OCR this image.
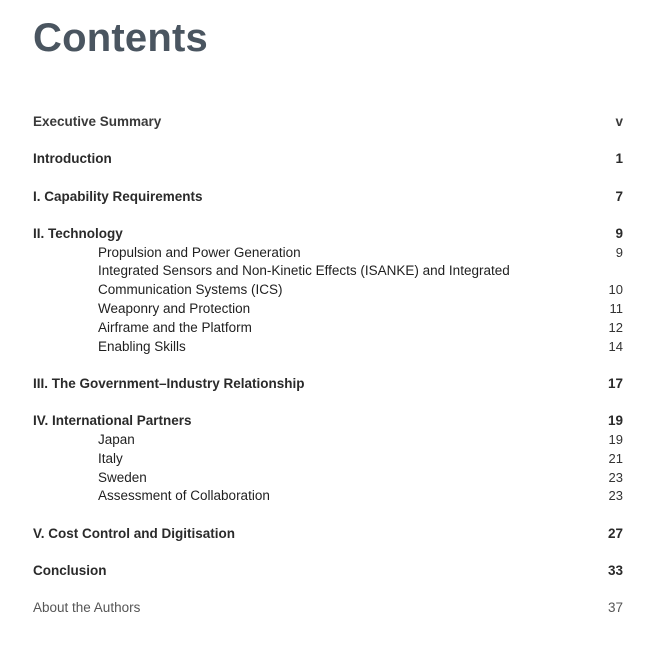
Contents
Executive Summary	v
Introduction	1
I. Capability Requirements	7
II. Technology	9
Propulsion and Power Generation	9
Integrated Sensors and Non-Kinetic Effects (ISANKE) and Integrated
Communication Systems (ICS)	10
Weaponry and Protection	11
Airframe and the Platform	12
Enabling Skills	14
III. The Government–Industry Relationship	17
IV. International Partners	19
Japan	19
Italy	21
Sweden	23
Assessment of Collaboration	23
V. Cost Control and Digitisation	27
Conclusion	33
About the Authors	37
